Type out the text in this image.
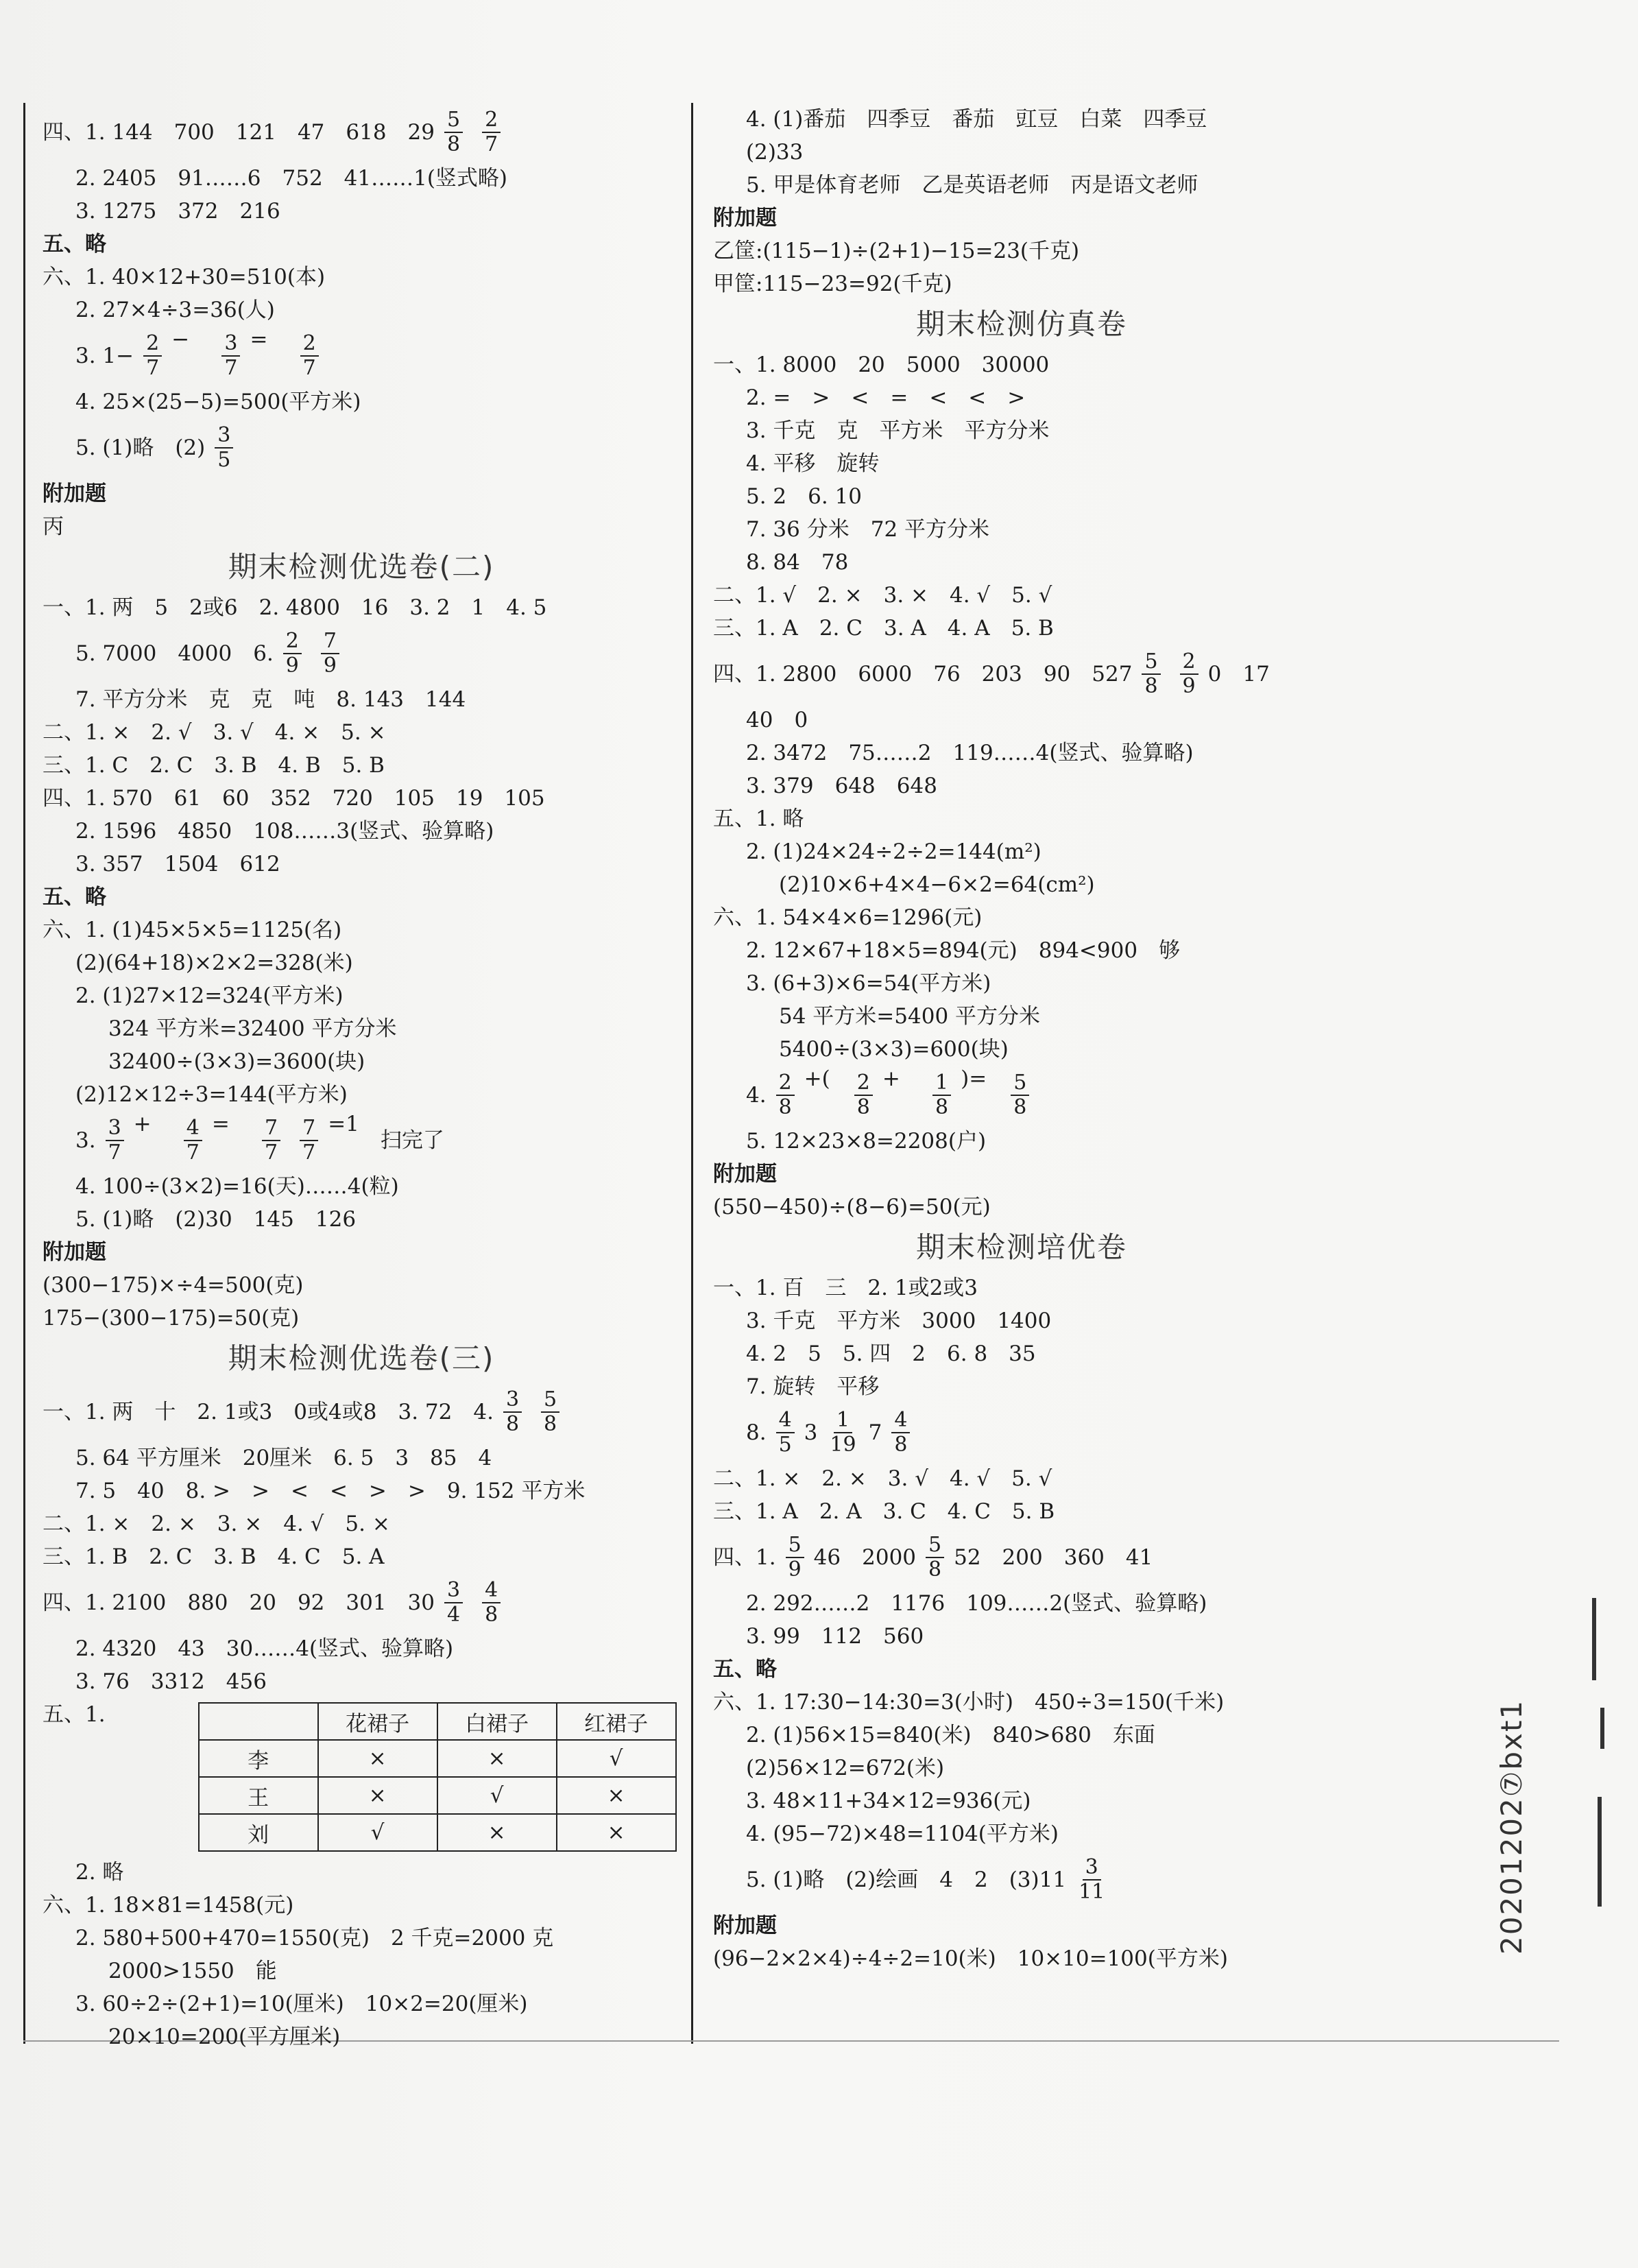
四、1. 144　700　121　47　618　$29 \frac{5}{8} \frac{2}{7}$
2. 2405　91……6　752　41……1(竖式略)
3. 1275　372　216
五、略
六、1. 40×12+30=510(本)
2. 27×4÷3=36(人)
3. $1- \frac{2}{7}$ −
$\frac{3}{7}$ =
$\frac{2}{7}$
4. 25×(25−5)=500(平方米)
5. (1)略　$(2) \frac{3}{5}$
附加题
丙
期末检测优选卷(二)
一、1. 两　5　2或6　2. 4800　16　3. 2　1　4. 5
5. 7000　4000　6. $\frac{2}{9} \frac{7}{9}$
7. 平方分米　克　克　吨　8. 143　144
二、1. ×　2. √　3. √　4. ×　5. ×
三、1. C　2. C　3. B　4. B　5. B
四、1. 570　61　60　352　720　105　19　105
2. 1596　4850　108……3(竖式、验算略)
3. 357　1504　612
五、略
六、1. (1)45×5×5=1125(名)
(2)(64+18)×2×2=328(米)
2. (1)27×12=324(平方米)
324 平方米=32400 平方分米
32400÷(3×3)=3600(块)
(2)12×12÷3=144(平方米)
3. $\frac{3}{7}$ +
$\frac{4}{7}$ =
$\frac{7}{7} \frac{7}{7} =1$　

扫完了
4. 100÷(3×2)=16(天)……4(粒)
5. (1)略　(2)30　145　126
附加题
(300−175)×÷4=500(克)
175−(300−175)=50(克)
期末检测优选卷(三)
一、1. 两　十　2. 1或3　0或4或8　3. 72　4. $\frac{3}{8} \frac{5}{8}$
5. 64 平方厘米　20厘米　6. 5　3　85　4
7. 5　40　8. >　>　<　<　>　>　9. 152 平方米
二、1. ×　2. ×　3. ×　4. √　5. ×
三、1. B　2. C　3. B　4. C　5. A
四、1. 2100　880　20　92　301　$30 \frac{3}{4} \frac{4}{8}$
2. 4320　43　30……4(竖式、验算略)
3. 76　3312　456
五、1.
		花裙子	白裙子	红裙子
李	×	×	√
王	×	√	×
刘	√	×	×
2. 略
六、1. 18×81=1458(元)
2. 580+500+470=1550(克)　2 千克=2000 克
2000>1550　能
3. 60÷2÷(2+1)=10(厘米)　10×2=20(厘米)
20×10=200(平方厘米)
4. (1)番茄　四季豆　番茄　豇豆　白菜　四季豆
(2)33
5. 甲是体育老师　乙是英语老师　丙是语文老师
附加题
乙筐:(115−1)÷(2+1)−15=23(千克)
甲筐:115−23=92(千克)
期末检测仿真卷
一、1. 8000　20　5000　30000
2. =　>　<　=　<　<　>
3. 千克　克　平方米　平方分米
4. 平移　旋转
5. 2　6. 10
7. 36 分米　72 平方分米
8. 84　78
二、1. √　2. ×　3. ×　4. √　5. √
三、1. A　2. C　3. A　4. A　5. B
四、1. 2800　6000　76　203　90　$527 \frac{5}{8} \frac{2}{9} 0$　17
40　0
2. 3472　75……2　119……4(竖式、验算略)
3. 379　648　648
五、1. 略
2. (1)24×24÷2÷2=144(m²)
(2)10×6+4×4−6×2=64(cm²)
六、1. 54×4×6=1296(元)
2. 12×67+18×5=894(元)　894<900　够
3. (6+3)×6=54(平方米)
54 平方米=5400 平方分米
5400÷(3×3)=600(块)
4. $\frac{2}{8}$ +(
$\frac{2}{8}$ +
$\frac{1}{8}$ )=
$\frac{5}{8}$
5. 12×23×8=2208(户)
附加题
(550−450)÷(8−6)=50(元)
期末检测培优卷
一、1. 百　三　2. 1或2或3
3. 千克　平方米　3000　1400
4. 2　5　5. 四　2　6. 8　35
7. 旋转　平移
8. $\frac{4}{5} 3 \frac{1}{19} 7 \frac{4}{8}$
二、1. ×　2. ×　3. √　4. √　5. √
三、1. A　2. A　3. C　4. C　5. B
四、1. $\frac{5}{9} 46$　$2000 \frac{5}{8} 52$　200　360　41
2. 292……2　1176　109……2(竖式、验算略)
3. 99　112　560
五、略
六、1. 17:30−14:30=3(小时)　450÷3=150(千米)
2. (1)56×15=840(米)　840>680　东面
(2)56×12=672(米)
3. 48×11+34×12=936(元)
4. (95−72)×48=1104(平方米)
5. (1)略　(2)绘画　4　2　$(3)11 \frac{3}{11}$
附加题
(96−2×2×4)÷4÷2=10(米)　10×10=100(平方米)
20201202⑦bxt1
